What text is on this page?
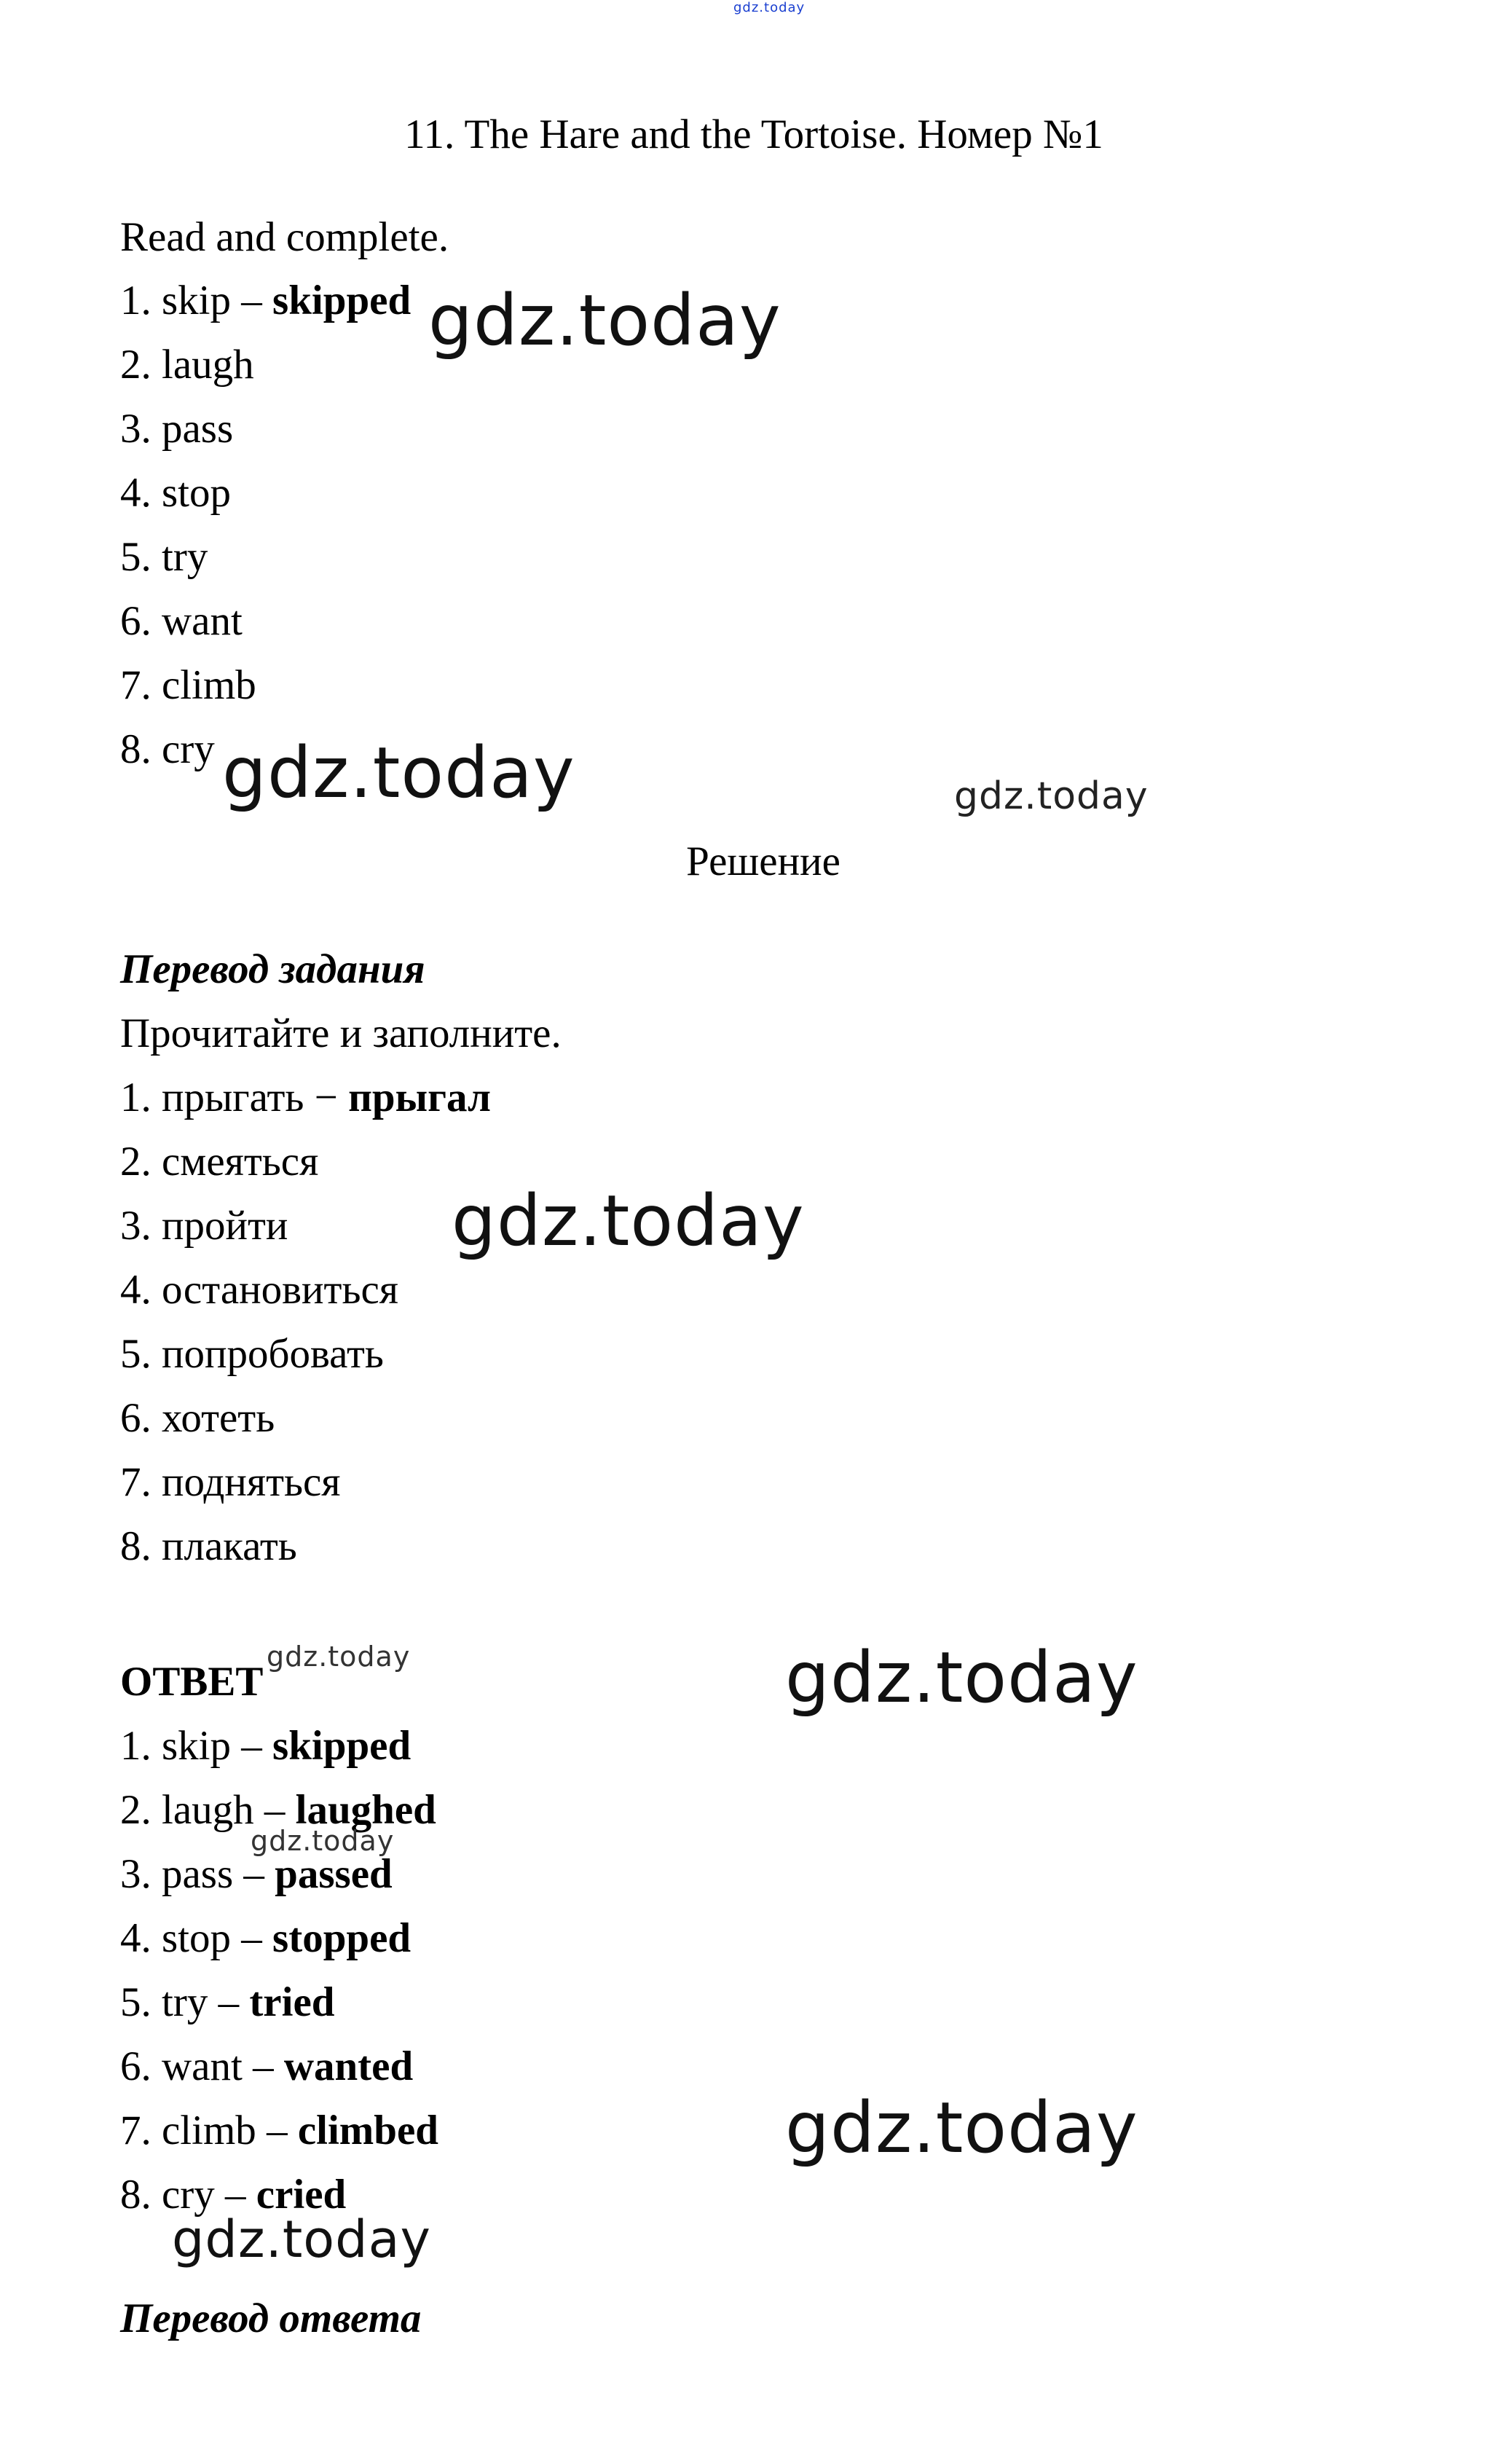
gdz.today
11. The Hare and the Tortoise. Номер №1
Read and complete.
1. skip – skipped
2. laugh
3. pass
4. stop
5. try
6. want
7. climb
8. cry
Решение
Перевод задания
Прочитайте и заполните.
1. прыгать − прыгал
2. смеяться
3. пройти
4. остановиться
5. попробовать
6. хотеть
7. подняться
8. плакать
ОТВЕТ
1. skip – skipped
2. laugh – laughed
3. pass – passed
4. stop – stopped
5. try – tried
6. want – wanted
7. climb – climbed
8. cry – cried
Перевод ответа
gdz.today
gdz.today	gdz.today
gdz.today
gdz.today	gdz.today
gdz.today
gdz.today
gdz.today
